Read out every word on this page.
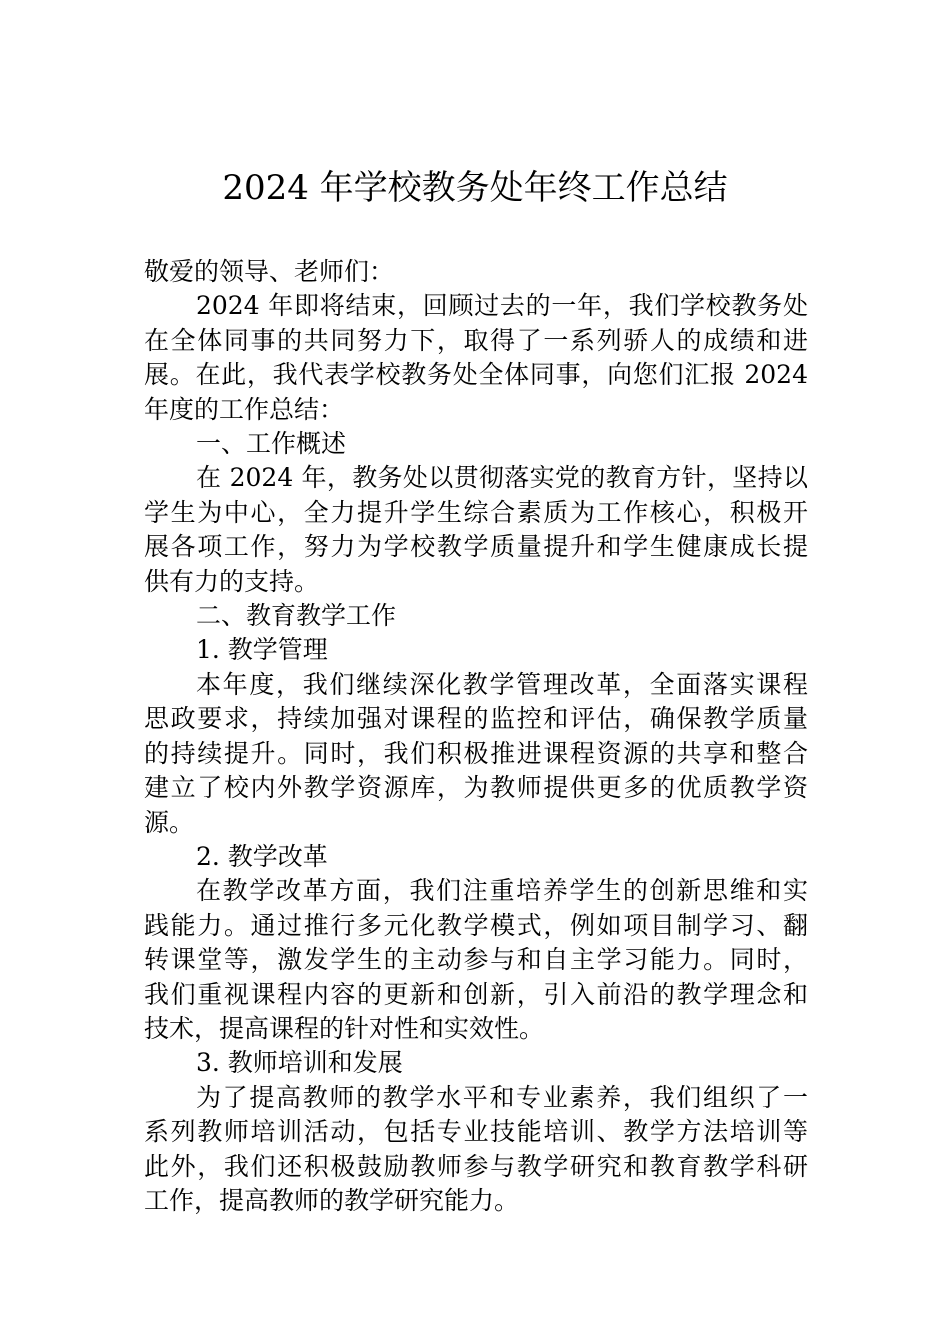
2024 年学校教务处年终工作总结
敬爱的领导、老师们：
2024 年即将结束，回顾过去的一年，我们学校教务处
在全体同事的共同努力下，取得了一系列骄人的成绩和进
展。在此，我代表学校教务处全体同事，向您们汇报 2024
年度的工作总结：
一、工作概述
在 2024 年，教务处以贯彻落实党的教育方针，坚持以
学生为中心，全力提升学生综合素质为工作核心，积极开
展各项工作，努力为学校教学质量提升和学生健康成长提
供有力的支持。
二、教育教学工作
1. 教学管理
本年度，我们继续深化教学管理改革，全面落实课程
思政要求，持续加强对课程的监控和评估，确保教学质量
的持续提升。同时，我们积极推进课程资源的共享和整合
建立了校内外教学资源库，为教师提供更多的优质教学资
源。
2. 教学改革
在教学改革方面，我们注重培养学生的创新思维和实
践能力。通过推行多元化教学模式，例如项目制学习、翻
转课堂等，激发学生的主动参与和自主学习能力。同时，
我们重视课程内容的更新和创新，引入前沿的教学理念和
技术，提高课程的针对性和实效性。
3. 教师培训和发展
为了提高教师的教学水平和专业素养，我们组织了一
系列教师培训活动，包括专业技能培训、教学方法培训等
此外，我们还积极鼓励教师参与教学研究和教育教学科研
工作，提高教师的教学研究能力。
